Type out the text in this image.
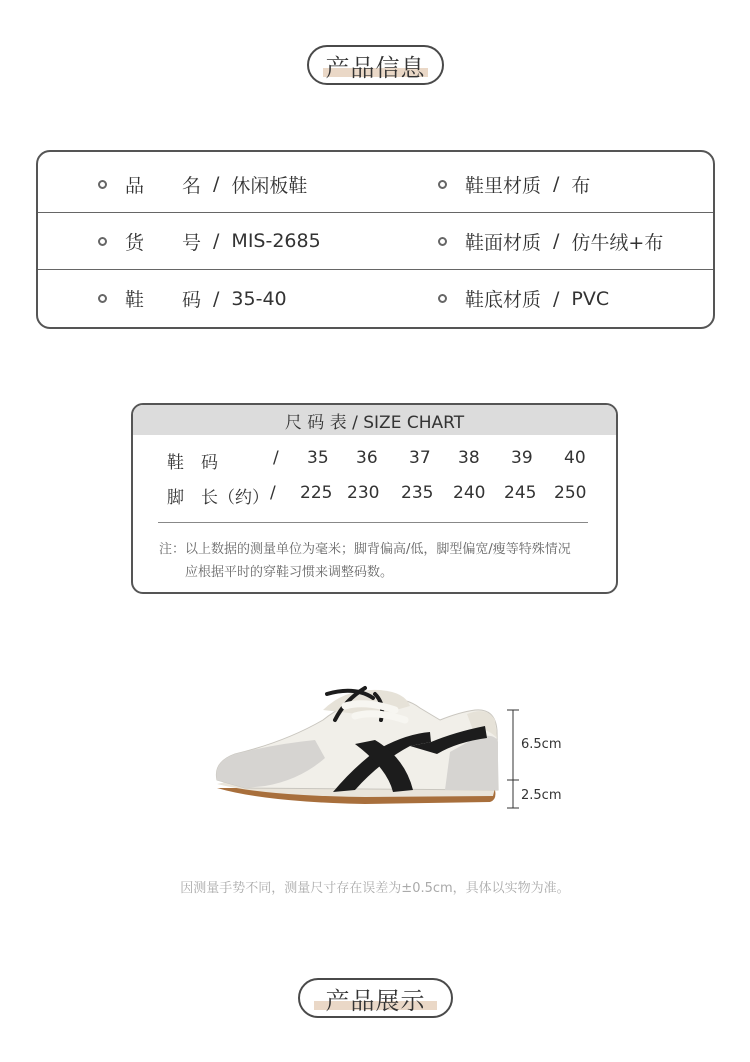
产品信息
品　　名 / 休闲板鞋	鞋里材质 / 布
货　　号 / MIS-2685	鞋面材质 / 仿牛绒+布
鞋　　码 / 35-40	鞋底材质 / PVC
尺 码 表 / SIZE CHART
鞋　码	/ 35 36 37 38 39 40
脚　长（约） / 225 230 235 240 245 250
注：以上数据的测量单位为毫米；脚背偏高/低，脚型偏宽/瘦等特殊情况
应根据平时的穿鞋习惯来调整码数。
6.5cm
2.5cm
因测量手势不同，测量尺寸存在误差为±0.5cm，具体以实物为准。
产品展示
